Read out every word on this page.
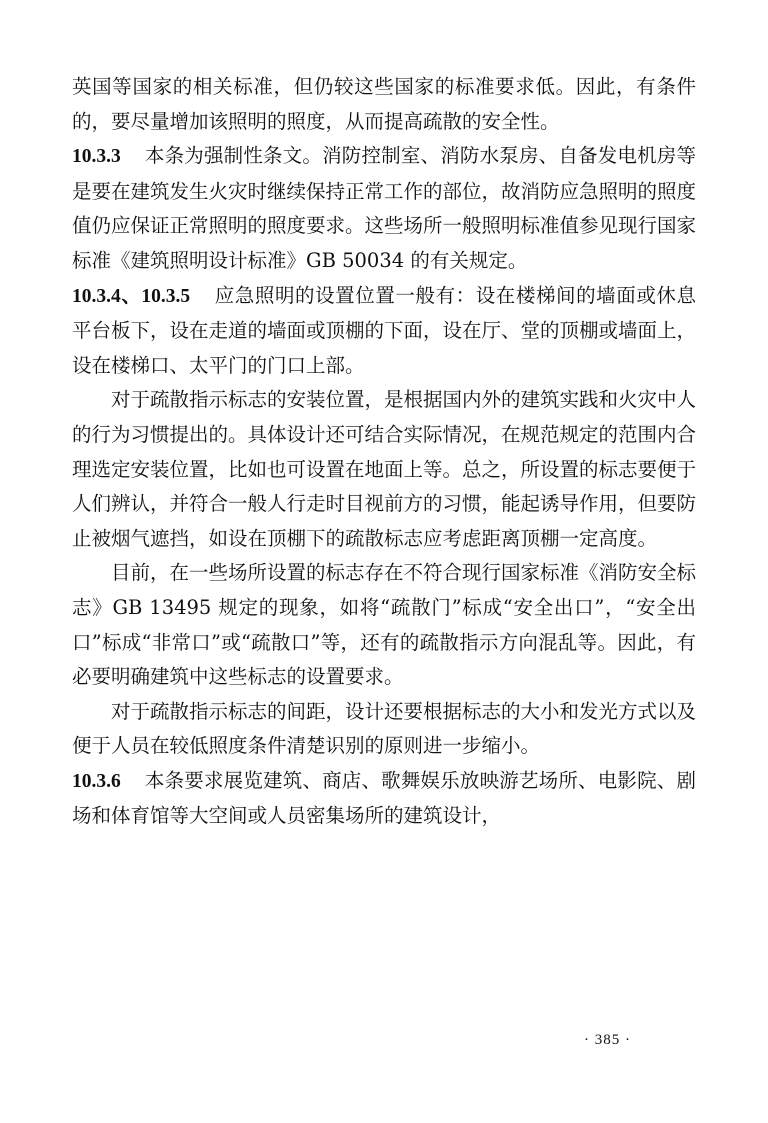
英国等国家的相关标准，但仍较这些国家的标准要求低。因此，有条件的，要尽量增加该照明的照度，从而提高疏散的安全性。

10.3.3 本条为强制性条文。消防控制室、消防水泵房、自备发电机房等是要在建筑发生火灾时继续保持正常工作的部位，故消防应急照明的照度值仍应保证正常照明的照度要求。这些场所一般照明标准值参见现行国家标准《建筑照明设计标准》GB 50034 的有关规定。

10.3.4、10.3.5 应急照明的设置位置一般有：设在楼梯间的墙面或休息平台板下，设在走道的墙面或顶棚的下面，设在厅、堂的顶棚或墙面上，设在楼梯口、太平门的门口上部。

对于疏散指示标志的安装位置，是根据国内外的建筑实践和火灾中人的行为习惯提出的。具体设计还可结合实际情况，在规范规定的范围内合理选定安装位置，比如也可设置在地面上等。总之，所设置的标志要便于人们辨认，并符合一般人行走时目视前方的习惯，能起诱导作用，但要防止被烟气遮挡，如设在顶棚下的疏散标志应考虑距离顶棚一定高度。

目前，在一些场所设置的标志存在不符合现行国家标准《消防安全标志》GB 13495 规定的现象，如将“疏散门”标成“安全出口”，“安全出口”标成“非常口”或“疏散口”等，还有的疏散指示方向混乱等。因此，有必要明确建筑中这些标志的设置要求。

对于疏散指示标志的间距，设计还要根据标志的大小和发光方式以及便于人员在较低照度条件清楚识别的原则进一步缩小。

10.3.6 本条要求展览建筑、商店、歌舞娱乐放映游艺场所、电影院、剧场和体育馆等大空间或人员密集场所的建筑设计，

· 385 ·
